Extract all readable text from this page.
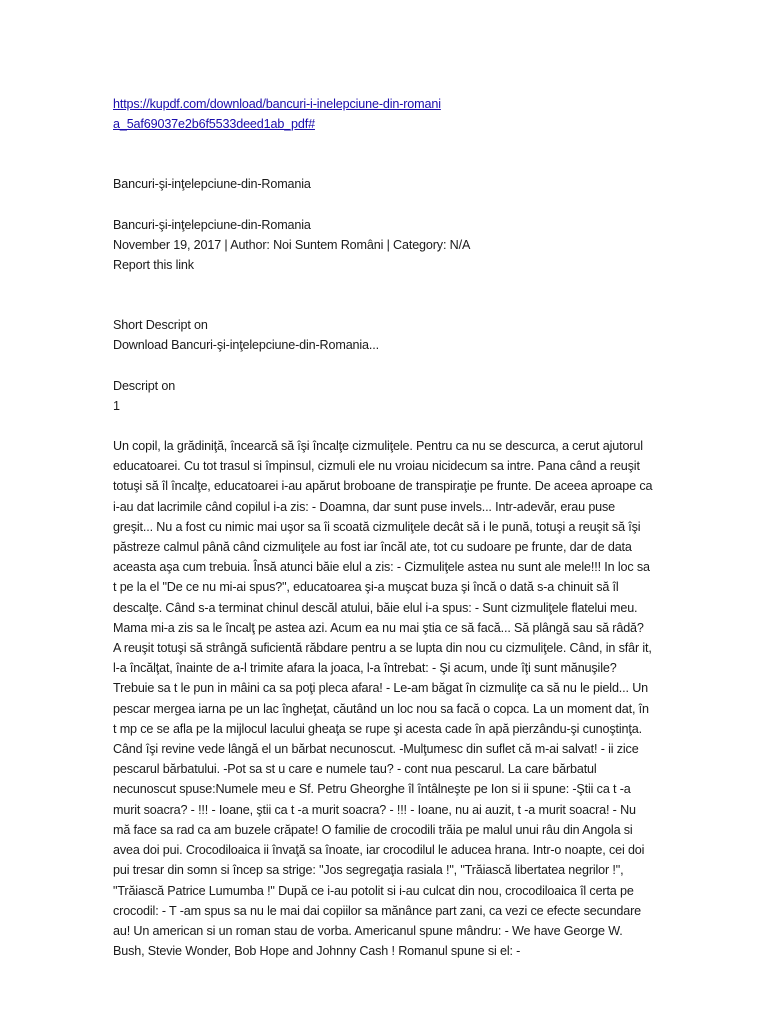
https://kupdf.com/download/bancuri-i-inelepciune-din-romania_5af69037e2b6f5533deed1ab_pdf#
Bancuri-şi-inţelepciune-din-Romania
Bancuri-şi-inţelepciune-din-Romania
November 19, 2017 | Author: Noi Suntem Români | Category: N/A
Report this link
Short Descript on
Download Bancuri-şi-inţelepciune-din-Romania...
Descript on
1
Un copil, la grădiniţă, încearcă să îşi încalţe cizmuliţele. Pentru ca nu se descurca, a cerut ajutorul educatoarei. Cu tot trasul si împinsul, cizmuli ele nu vroiau nicidecum sa intre. Pana când a reuşit totuşi să îl încalţe, educatoarei i-au apărut broboane de transpiraţie pe frunte. De aceea aproape ca i-au dat lacrimile când copilul i-a zis: - Doamna, dar sunt puse invels... Intr-adevăr, erau puse greşit... Nu a fost cu nimic mai uşor sa îi scoată cizmuliţele decât să i le pună, totuşi a reuşit să îşi păstreze calmul până când cizmuliţele au fost iar încăl ate, tot cu sudoare pe frunte, dar de data aceasta aşa cum trebuia. Însă atunci băie elul a zis: - Cizmuliţele astea nu sunt ale mele!!! In loc sa t pe la el "De ce nu mi-ai spus?", educatoarea şi-a muşcat buza şi încă o dată s-a chinuit să îl descalţe. Când s-a terminat chinul descăl atului, băie elul i-a spus: - Sunt cizmuliţele flatelui meu. Mama mi-a zis sa le încalţ pe astea azi. Acum ea nu mai ştia ce să facă... Să plângă sau să râdă? A reuşit totuşi să strângă suficientă răbdare pentru a se lupta din nou cu cizmuliţele. Când, in sfâr it, l-a încălţat, înainte de a-l trimite afara la joaca, l-a întrebat: - Şi acum, unde îţi sunt mănuşile? Trebuie sa t le pun in mâini ca sa poţi pleca afara! - Le-am băgat în cizmuliţe ca să nu le pield... Un pescar mergea iarna pe un lac îngheţat, căutând un loc nou sa facă o copca. La un moment dat, în t mp ce se afla pe la mijlocul lacului gheaţa se rupe şi acesta cade în apă pierzându-şi cunoştinţa. Când îşi revine vede lângă el un bărbat necunoscut. -Mulţumesc din suflet că m-ai salvat! - ii zice pescarul bărbatului. -Pot sa st u care e numele tau? - cont nua pescarul. La care bărbatul necunoscut spuse:Numele meu e Sf. Petru Gheorghe îl întâlneşte pe Ion si ii spune: -Ştii ca t -a murit soacra? - !!! - Ioane, ştii ca t -a murit soacra? - !!! - Ioane, nu ai auzit, t -a murit soacra! - Nu mă face sa rad ca am buzele crăpate! O familie de crocodili trăia pe malul unui râu din Angola si avea doi pui. Crocodiloaica ii învaţă sa înoate, iar crocodilul le aducea hrana. Intr-o noapte, cei doi pui tresar din somn si încep sa strige: "Jos segregaţia rasiala !", "Trăiască libertatea negrilor !", "Trăiască Patrice Lumumba !" După ce i-au potolit si i-au culcat din nou, crocodiloaica îl certa pe crocodil: - T -am spus sa nu le mai dai copiilor sa mănânce part zani, ca vezi ce efecte secundare au! Un american si un roman stau de vorba. Americanul spune mândru: - We have George W. Bush, Stevie Wonder, Bob Hope and Johnny Cash ! Romanul spune si el: -
